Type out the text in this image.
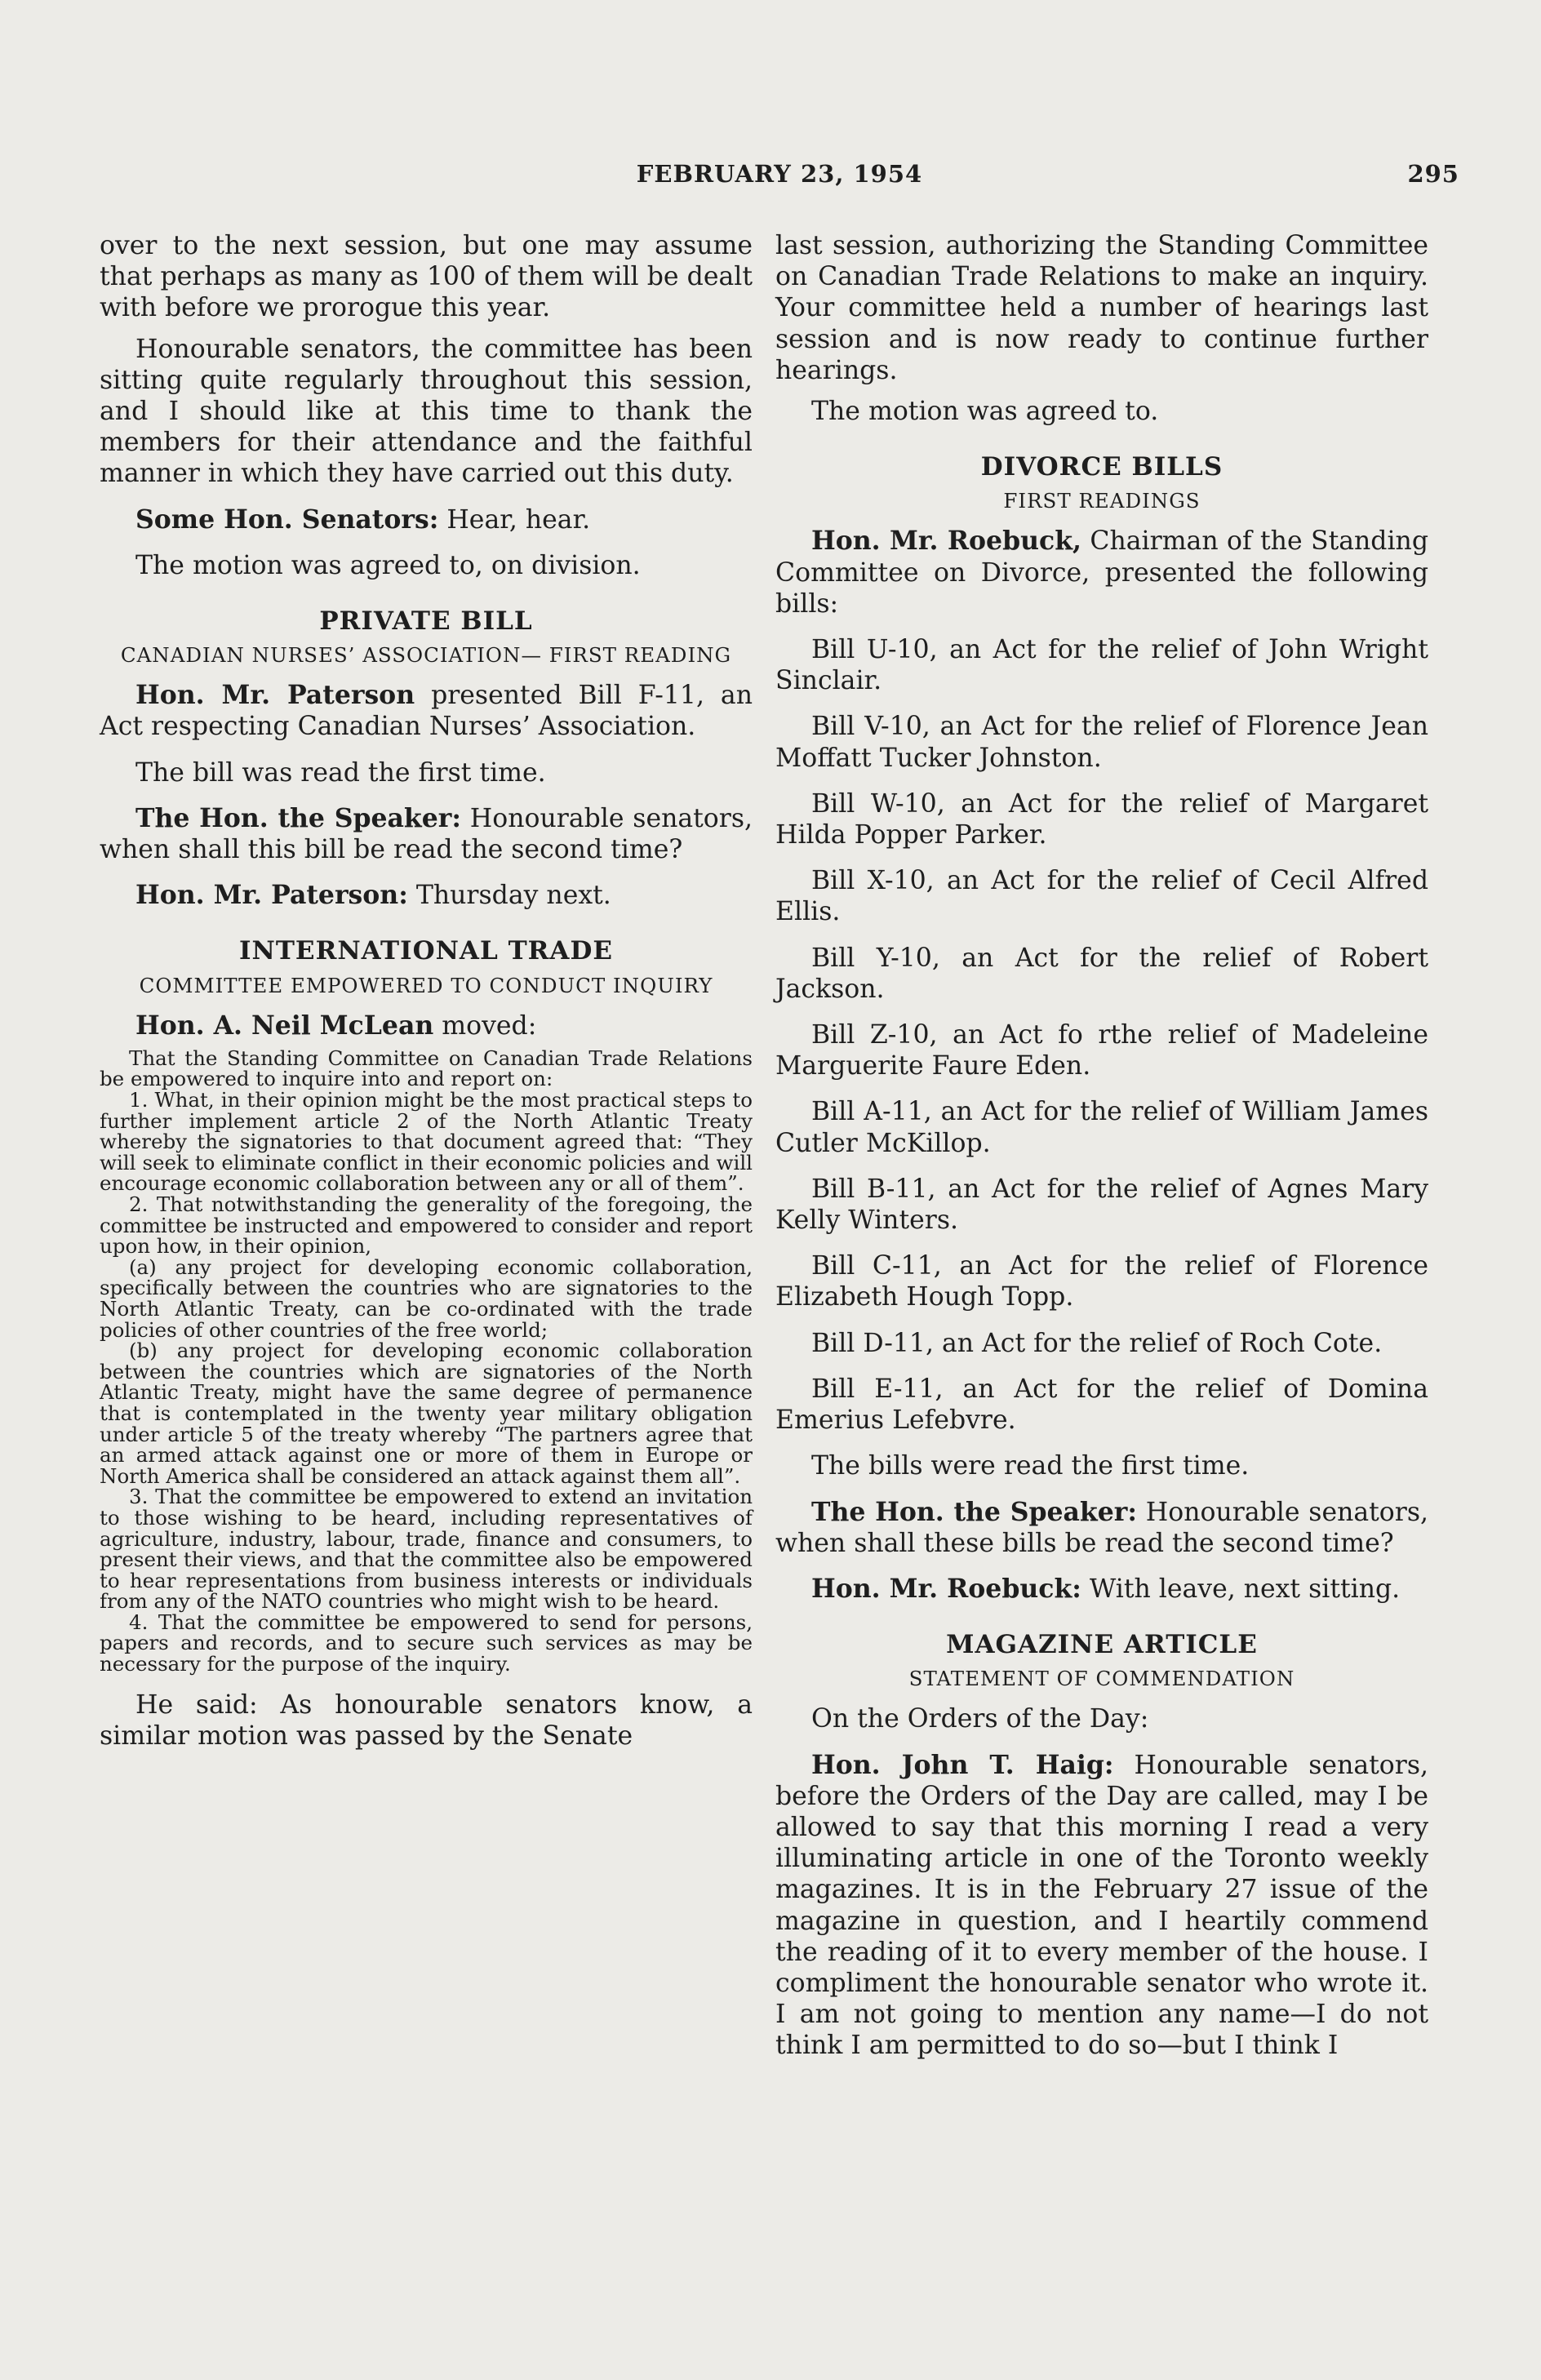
FEBRUARY 23, 1954	295

over to the next session, but one may assume that perhaps as many as 100 of them will be dealt with before we prorogue this year.

Honourable senators, the committee has been sitting quite regularly throughout this session, and I should like at this time to thank the members for their attendance and the faithful manner in which they have carried out this duty.

Some Hon. Senators: Hear, hear.

The motion was agreed to, on division.

PRIVATE BILL
CANADIAN NURSES’ ASSOCIATION— FIRST READING

Hon. Mr. Paterson presented Bill F-11, an Act respecting Canadian Nurses’ Association.

The bill was read the first time.

The Hon. the Speaker: Honourable senators, when shall this bill be read the second time?

Hon. Mr. Paterson: Thursday next.

INTERNATIONAL TRADE
COMMITTEE EMPOWERED TO CONDUCT INQUIRY

Hon. A. Neil McLean moved:

That the Standing Committee on Canadian Trade Relations be empowered to inquire into and report on:

1. What, in their opinion might be the most practical steps to further implement article 2 of the North Atlantic Treaty whereby the signatories to that document agreed that: “They will seek to eliminate conflict in their economic policies and will encourage economic collaboration between any or all of them”.

2. That notwithstanding the generality of the foregoing, the committee be instructed and empowered to consider and report upon how, in their opinion,

(a) any project for developing economic collaboration, specifically between the countries who are signatories to the North Atlantic Treaty, can be co-ordinated with the trade policies of other countries of the free world;

(b) any project for developing economic collaboration between the countries which are signatories of the North Atlantic Treaty, might have the same degree of permanence that is contemplated in the twenty year military obligation under article 5 of the treaty whereby “The partners agree that an armed attack against one or more of them in Europe or North America shall be considered an attack against them all”.

3. That the committee be empowered to extend an invitation to those wishing to be heard, including representatives of agriculture, industry, labour, trade, finance and consumers, to present their views, and that the committee also be empowered to hear representations from business interests or individuals from any of the NATO countries who might wish to be heard.

4. That the committee be empowered to send for persons, papers and records, and to secure such services as may be necessary for the purpose of the inquiry.

He said: As honourable senators know, a similar motion was passed by the Senate

last session, authorizing the Standing Committee on Canadian Trade Relations to make an inquiry. Your committee held a number of hearings last session and is now ready to continue further hearings.

The motion was agreed to.

DIVORCE BILLS
FIRST READINGS

Hon. Mr. Roebuck, Chairman of the Standing Committee on Divorce, presented the following bills:

Bill U-10, an Act for the relief of John Wright Sinclair.

Bill V-10, an Act for the relief of Florence Jean Moffatt Tucker Johnston.

Bill W-10, an Act for the relief of Margaret Hilda Popper Parker.

Bill X-10, an Act for the relief of Cecil Alfred Ellis.

Bill Y-10, an Act for the relief of Robert Jackson.

Bill Z-10, an Act fo rthe relief of Madeleine Marguerite Faure Eden.

Bill A-11, an Act for the relief of William James Cutler McKillop.

Bill B-11, an Act for the relief of Agnes Mary Kelly Winters.

Bill C-11, an Act for the relief of Florence Elizabeth Hough Topp.

Bill D-11, an Act for the relief of Roch Cote.

Bill E-11, an Act for the relief of Domina Emerius Lefebvre.

The bills were read the first time.

The Hon. the Speaker: Honourable senators, when shall these bills be read the second time?

Hon. Mr. Roebuck: With leave, next sitting.

MAGAZINE ARTICLE
STATEMENT OF COMMENDATION

On the Orders of the Day:

Hon. John T. Haig: Honourable senators, before the Orders of the Day are called, may I be allowed to say that this morning I read a very illuminating article in one of the Toronto weekly magazines. It is in the February 27 issue of the magazine in question, and I heartily commend the reading of it to every member of the house. I compliment the honourable senator who wrote it. I am not going to mention any name—I do not think I am permitted to do so—but I think I
